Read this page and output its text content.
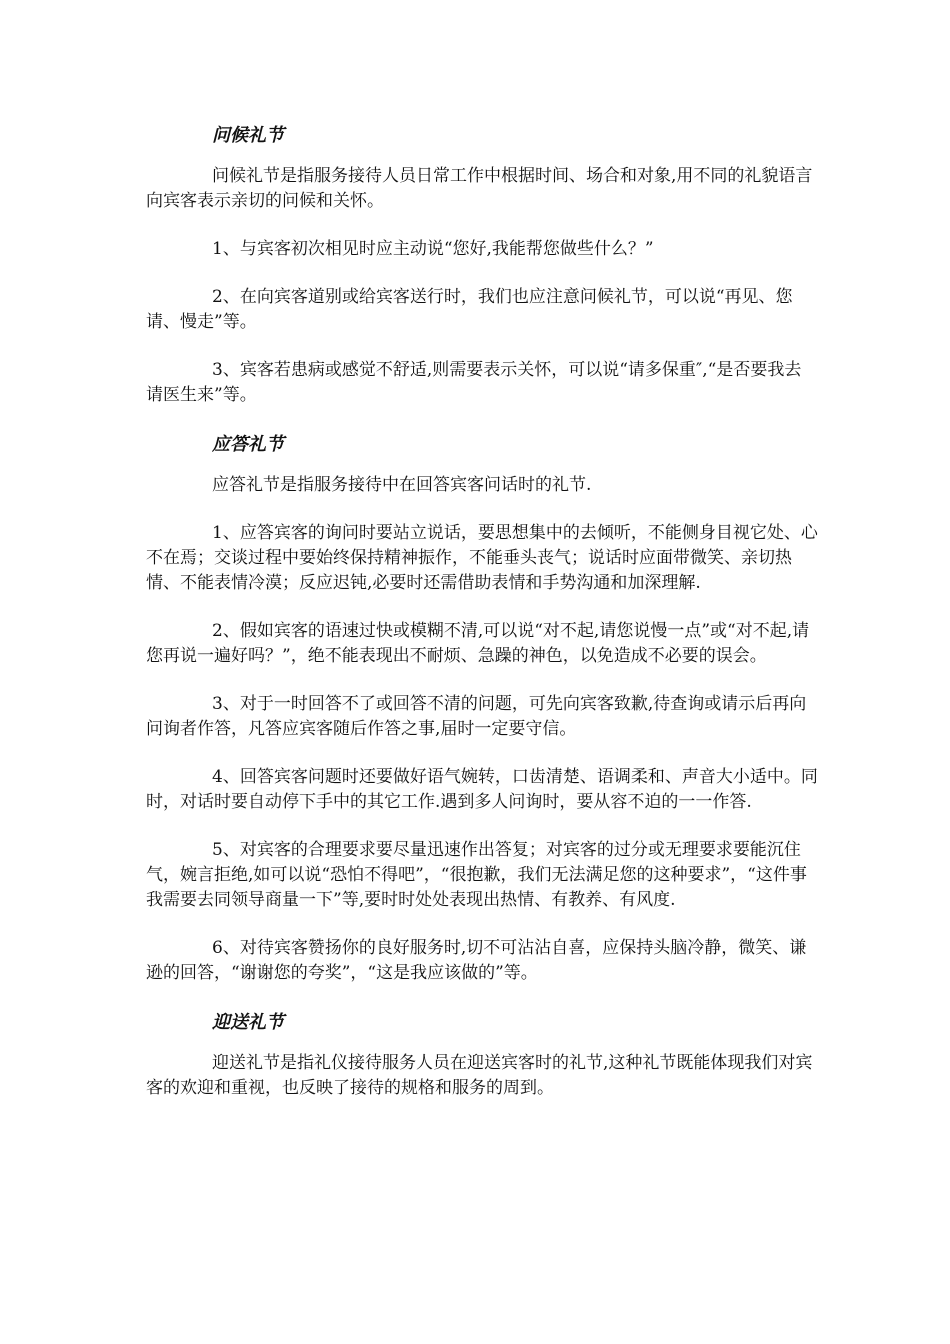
问候礼节

问候礼节是指服务接待人员日常工作中根据时间、场合和对象,用不同的礼貌语言向宾客表示亲切的问候和关怀。

1、与宾客初次相见时应主动说“您好,我能帮您做些什么？”

2、在向宾客道别或给宾客送行时，我们也应注意问候礼节，可以说“再见、您请、慢走”等。

3、宾客若患病或感觉不舒适,则需要表示关怀，可以说“请多保重″,“是否要我去请医生来”等。

应答礼节

应答礼节是指服务接待中在回答宾客问话时的礼节.

1、应答宾客的询问时要站立说话，要思想集中的去倾听，不能侧身目视它处、心不在焉；交谈过程中要始终保持精神振作，不能垂头丧气；说话时应面带微笑、亲切热情、不能表情冷漠；反应迟钝,必要时还需借助表情和手势沟通和加深理解.

2、假如宾客的语速过快或模糊不清,可以说“对不起,请您说慢一点”或“对不起,请您再说一遍好吗？”，绝不能表现出不耐烦、急躁的神色，以免造成不必要的误会。

3、对于一时回答不了或回答不清的问题，可先向宾客致歉,待查询或请示后再向问询者作答，凡答应宾客随后作答之事,届时一定要守信。

4、回答宾客问题时还要做好语气婉转，口齿清楚、语调柔和、声音大小适中。同时，对话时要自动停下手中的其它工作.遇到多人问询时，要从容不迫的一一作答.

5、对宾客的合理要求要尽量迅速作出答复；对宾客的过分或无理要求要能沉住气，婉言拒绝,如可以说“恐怕不得吧”，“很抱歉，我们无法满足您的这种要求”，“这件事我需要去同领导商量一下”等,要时时处处表现出热情、有教养、有风度.

6、对待宾客赞扬你的良好服务时,切不可沾沾自喜，应保持头脑冷静，微笑、谦逊的回答，“谢谢您的夸奖”，“这是我应该做的”等。

迎送礼节

迎送礼节是指礼仪接待服务人员在迎送宾客时的礼节,这种礼节既能体现我们对宾客的欢迎和重视，也反映了接待的规格和服务的周到。
